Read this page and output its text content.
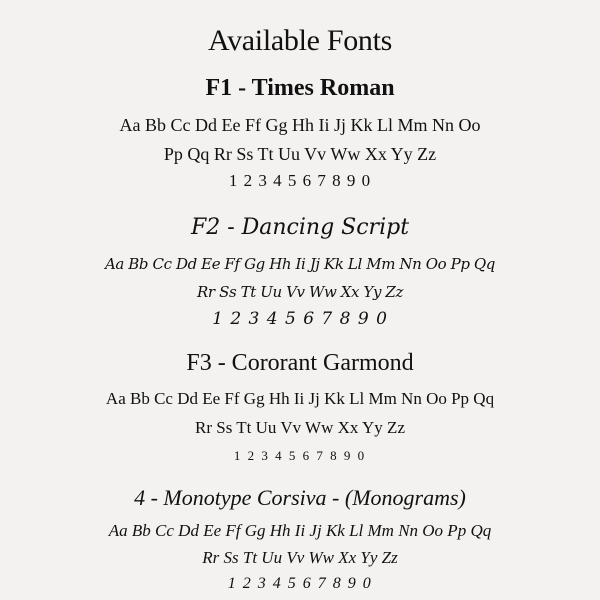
Available Fonts
F1 - Times Roman
Aa Bb Cc Dd Ee Ff Gg Hh Ii Jj Kk Ll Mm Nn Oo
Pp Qq Rr Ss Tt Uu Vv Ww Xx Yy Zz
1 2 3 4 5 6 7 8 9 0
F2 - Dancing Script
Aa Bb Cc Dd Ee Ff Gg Hh Ii Jj Kk Ll Mm Nn Oo Pp Qq
Rr Ss Tt Uu Vv Ww Xx Yy Zz
1 2 3 4 5 6 7 8 9 0
F3 - Cororant Garmond
Aa Bb Cc Dd Ee Ff Gg Hh Ii Jj Kk Ll Mm Nn Oo Pp Qq
Rr Ss Tt Uu Vv Ww Xx Yy Zz
1 2 3 4 5 6 7 8 9 0
4 - Monotype Corsiva - (Monograms)
Aa Bb Cc Dd Ee Ff Gg Hh Ii Jj Kk Ll Mm Nn Oo Pp Qq
Rr Ss Tt Uu Vv Ww Xx Yy Zz
1 2 3 4 5 6 7 8 9 0
